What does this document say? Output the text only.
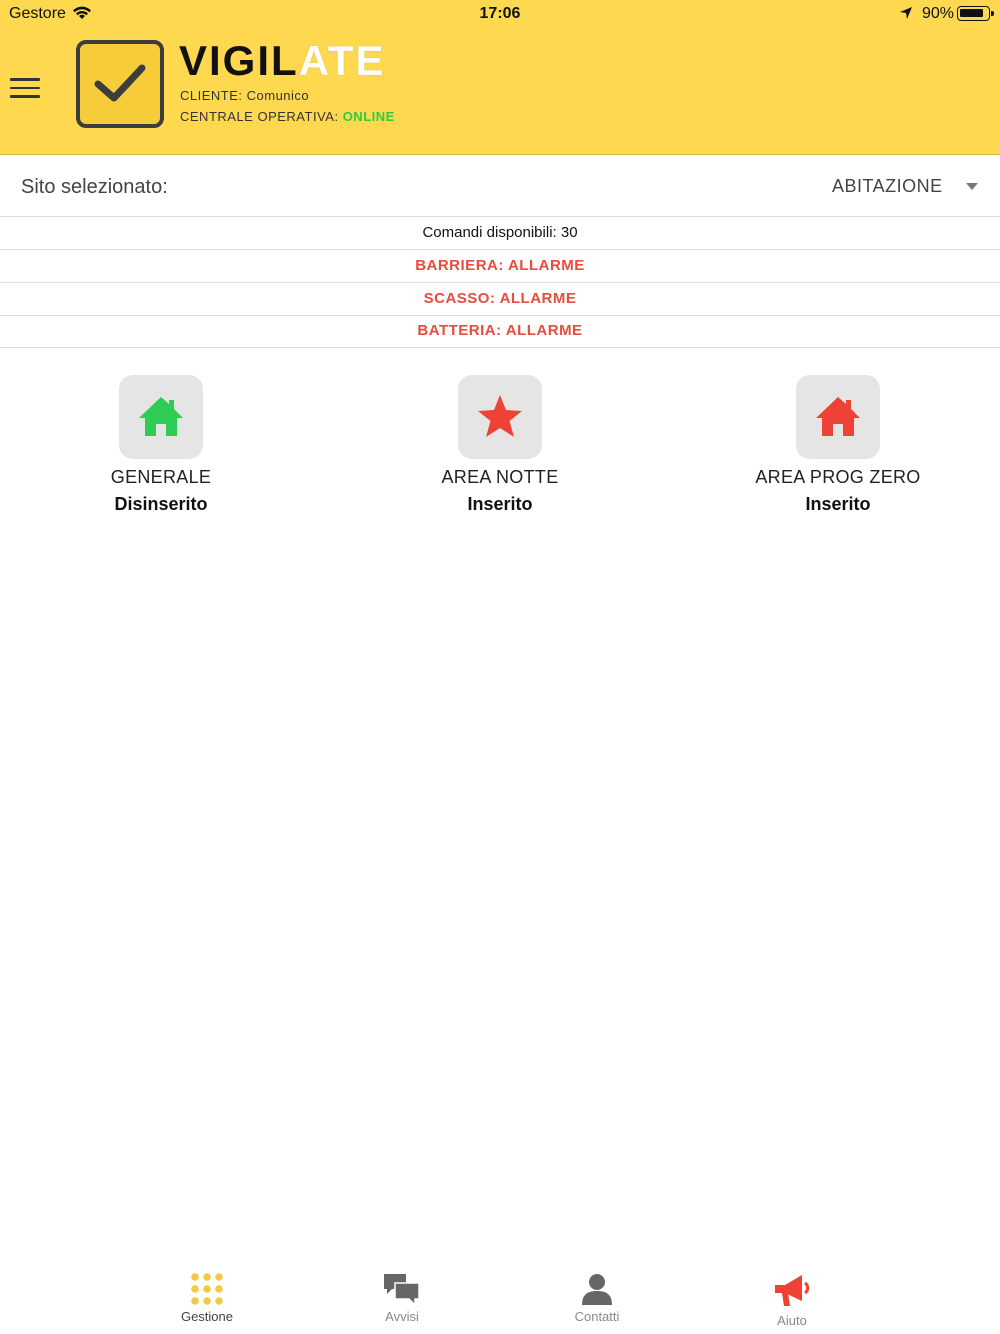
Gestore	17:06	90%
VIGILATE
CLIENTE: Comunico
CENTRALE OPERATIVA: ONLINE
Sito selezionato:	ABITAZIONE
Comandi disponibili: 30
BARRIERA: ALLARME
SCASSO: ALLARME
BATTERIA: ALLARME
GENERALE
Disinserito
AREA NOTTE
Inserito
AREA PROG ZERO
Inserito
Gestione	Avvisi	Contatti	Aiuto
